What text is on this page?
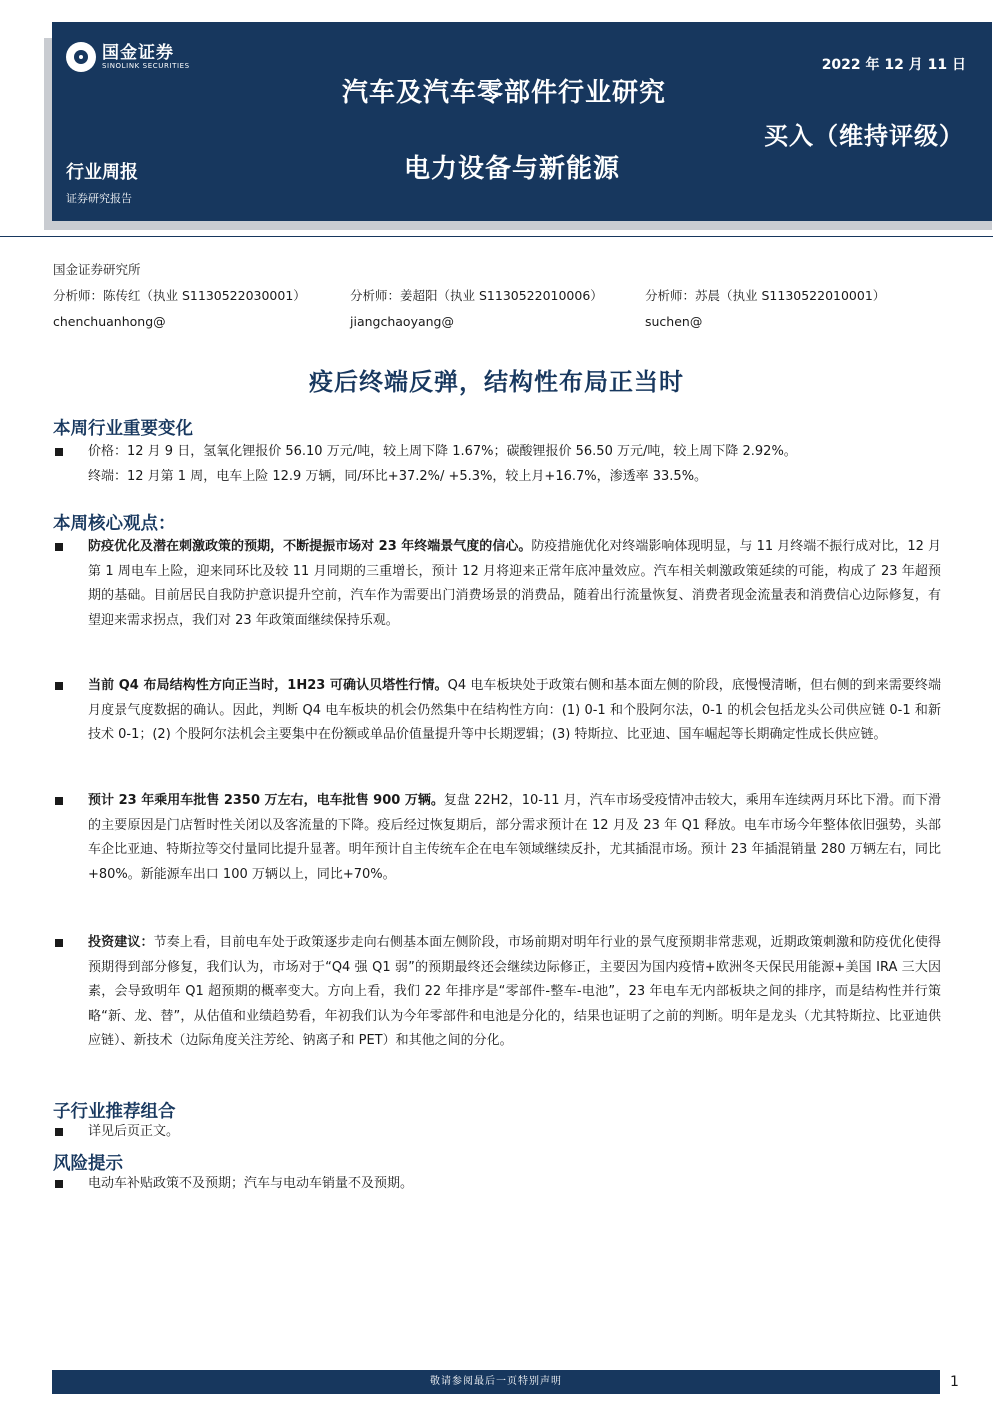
国金证券
SINOLINK SECURITIES	2022 年 12 月 11 日
汽车及汽车零部件行业研究
买入（维持评级）
电力设备与新能源
行业周报
证券研究报告
国金证券研究所
分析师：陈传红（执业 S1130522030001）	分析师：姜超阳（执业 S1130522010006）	分析师：苏晨（执业 S1130522010001）
chenchuanhong@	jiangchaoyang@	suchen@
疫后终端反弹，结构性布局正当时
本周行业重要变化
价格：12 月 9 日，氢氧化锂报价 56.10 万元/吨，较上周下降 1.67%；碳酸锂报价 56.50 万元/吨，较上周下降 2.92%。
终端：12 月第 1 周，电车上险 12.9 万辆，同/环比+37.2%/ +5.3%，较上月+16.7%，渗透率 33.5%。
本周核心观点：
防疫优化及潜在刺激政策的预期，不断提振市场对 23 年终端景气度的信心。防疫措施优化对终端影响体现明显，与 11 月终端不振行成对比，12 月第 1 周电车上险，迎来同环比及较 11 月同期的三重增长，预计 12 月将迎来正常年底冲量效应。汽车相关刺激政策延续的可能，构成了 23 年超预期的基础。目前居民自我防护意识提升空前，汽车作为需要出门消费场景的消费品，随着出行流量恢复、消费者现金流量表和消费信心边际修复，有望迎来需求拐点，我们对 23 年政策面继续保持乐观。
当前 Q4 布局结构性方向正当时，1H23 可确认贝塔性行情。Q4 电车板块处于政策右侧和基本面左侧的阶段，底慢慢清晰，但右侧的到来需要终端月度景气度数据的确认。因此，判断 Q4 电车板块的机会仍然集中在结构性方向：(1) 0-1 和个股阿尔法，0-1 的机会包括龙头公司供应链 0-1 和新技术 0-1；(2) 个股阿尔法机会主要集中在份额或单品价值量提升等中长期逻辑；(3) 特斯拉、比亚迪、国车崛起等长期确定性成长供应链。
预计 23 年乘用车批售 2350 万左右，电车批售 900 万辆。复盘 22H2，10-11 月，汽车市场受疫情冲击较大，乘用车连续两月环比下滑。而下滑的主要原因是门店暂时性关闭以及客流量的下降。疫后经过恢复期后，部分需求预计在 12 月及 23 年 Q1 释放。电车市场今年整体依旧强势，头部车企比亚迪、特斯拉等交付量同比提升显著。明年预计自主传统车企在电车领域继续反扑，尤其插混市场。预计 23 年插混销量 280 万辆左右，同比+80%。新能源车出口 100 万辆以上，同比+70%。
投资建议：节奏上看，目前电车处于政策逐步走向右侧基本面左侧阶段，市场前期对明年行业的景气度预期非常悲观，近期政策刺激和防疫优化使得预期得到部分修复，我们认为，市场对于“Q4 强 Q1 弱”的预期最终还会继续边际修正，主要因为国内疫情+欧洲冬天保民用能源+美国 IRA 三大因素，会导致明年 Q1 超预期的概率变大。方向上看，我们 22 年排序是“零部件-整车-电池”，23 年电车无内部板块之间的排序，而是结构性并行策略“新、龙、替”，从估值和业绩趋势看，年初我们认为今年零部件和电池是分化的，结果也证明了之前的判断。明年是龙头（尤其特斯拉、比亚迪供应链）、新技术（边际角度关注芳纶、钠离子和 PET）和其他之间的分化。
子行业推荐组合
详见后页正文。
风险提示
电动车补贴政策不及预期；汽车与电动车销量不及预期。
敬请参阅最后一页特别声明	1
